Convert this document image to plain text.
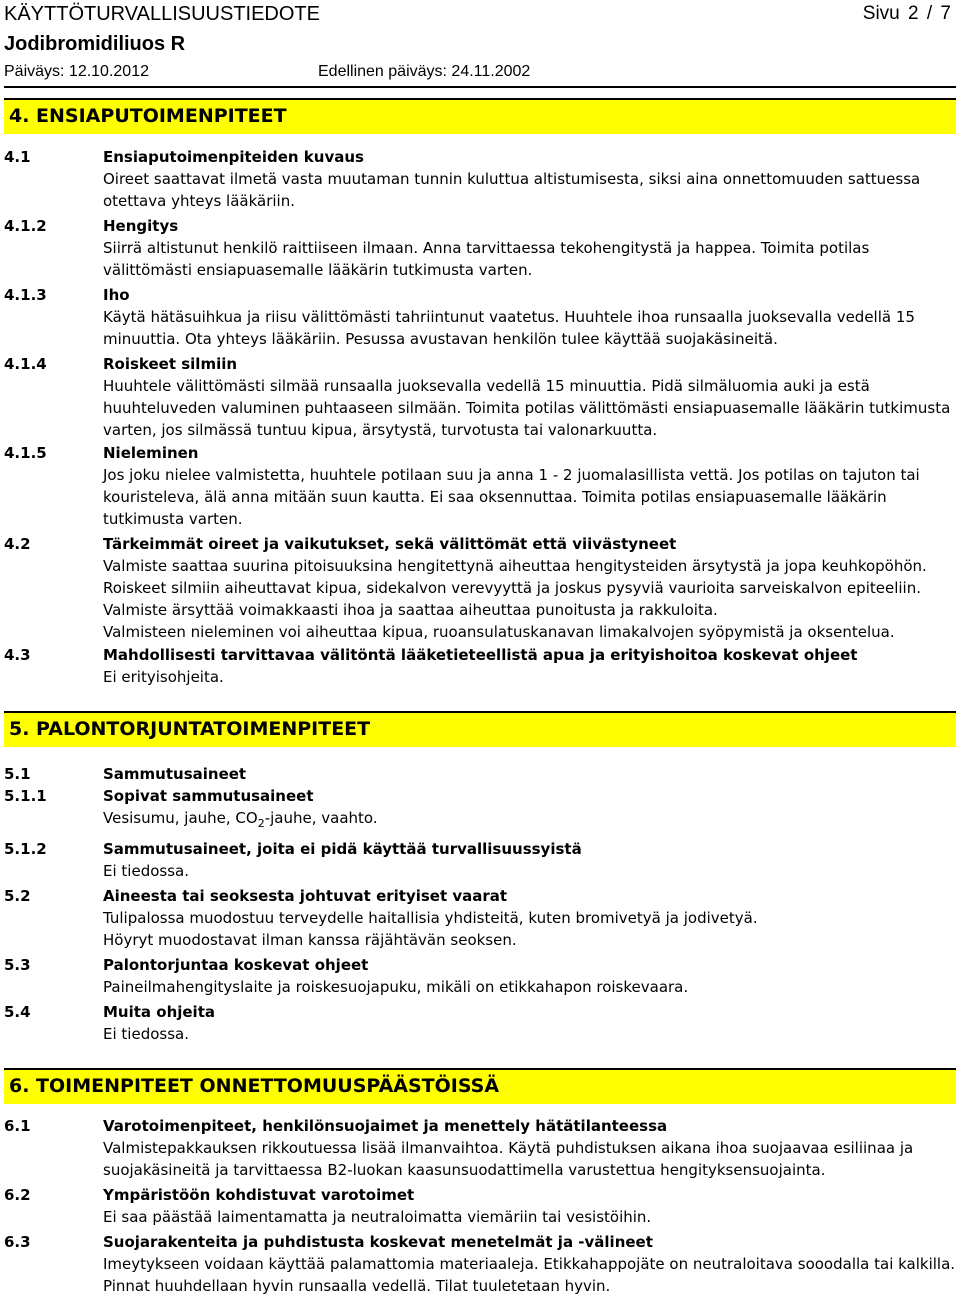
KÄYTTÖTURVALLISUUSTIEDOTE	Sivu 2 / 7
Jodibromidiliuos R
Päiväys: 12.10.2012	Edellinen päiväys: 24.11.2002
4. ENSIAPUTOIMENPITEET
4.1	Ensiaputoimenpiteiden kuvaus
Oireet saattavat ilmetä vasta muutaman tunnin kuluttua altistumisesta, siksi aina onnettomuuden sattuessa otettava yhteys lääkäriin.
4.1.2	Hengitys
Siirrä altistunut henkilö raittiiseen ilmaan. Anna tarvittaessa tekohengitystä ja happea. Toimita potilas välittömästi ensiapuasemalle lääkärin tutkimusta varten.
4.1.3	Iho
Käytä hätäsuihkua ja riisu välittömästi tahriintunut vaatetus. Huuhtele ihoa runsaalla juoksevalla vedellä 15 minuuttia. Ota yhteys lääkäriin. Pesussa avustavan henkilön tulee käyttää suojakäsineitä.
4.1.4	Roiskeet silmiin
Huuhtele välittömästi silmää runsaalla juoksevalla vedellä 15 minuuttia. Pidä silmäluomia auki ja estä huuhteluveden valuminen puhtaaseen silmään. Toimita potilas välittömästi ensiapuasemalle lääkärin tutkimusta varten, jos silmässä tuntuu kipua, ärsytystä, turvotusta tai valonarkuutta.
4.1.5	Nieleminen
Jos joku nielee valmistetta, huuhtele potilaan suu ja anna 1 - 2 juomalasillista vettä. Jos potilas on tajuton tai kouristeleva, älä anna mitään suun kautta. Ei saa oksennuttaa. Toimita potilas ensiapuasemalle lääkärin tutkimusta varten.
4.2	Tärkeimmät oireet ja vaikutukset, sekä välittömät että viivästyneet

Valmiste saattaa suurina pitoisuuksina hengitettynä aiheuttaa hengitysteiden ärsytystä ja jopa keuhkopöhön.

Roiskeet silmiin aiheuttavat kipua, sidekalvon verevyyttä ja joskus pysyviä vaurioita sarveiskalvon epiteeliin.

Valmiste ärsyttää voimakkaasti ihoa ja saattaa aiheuttaa punoitusta ja rakkuloita.

Valmisteen nieleminen voi aiheuttaa kipua, ruoansulatuskanavan limakalvojen syöpymistä ja oksentelua.

4.3	Mahdollisesti tarvittavaa välitöntä lääketieteellistä apua ja erityishoitoa koskevat ohjeet
Ei erityisohjeita.
5. PALONTORJUNTATOIMENPITEET
5.1	Sammutusaineet
5.1.1	Sopivat sammutusaineet
Vesisumu, jauhe, $CO_2$-jauhe, vaahto.
5.1.2	Sammutusaineet, joita ei pidä käyttää turvallisuussyistä
Ei tiedossa.
5.2	Aineesta tai seoksesta johtuvat erityiset vaarat

Tulipalossa muodostuu terveydelle haitallisia yhdisteitä, kuten bromivetyä ja jodivetyä.

Höyryt muodostavat ilman kanssa räjähtävän seoksen.

5.3	Palontorjuntaa koskevat ohjeet
Paineilmahengityslaite ja roiskesuojapuku, mikäli on etikkahapon roiskevaara.
5.4	Muita ohjeita
Ei tiedossa.
6. TOIMENPITEET ONNETTOMUUSPÄÄSTÖISSÄ
6.1	Varotoimenpiteet, henkilönsuojaimet ja menettely hätätilanteessa
Valmistepakkauksen rikkoutuessa lisää ilmanvaihtoa. Käytä puhdistuksen aikana ihoa suojaavaa esiliinaa ja suojakäsineitä ja tarvittaessa B2-luokan kaasunsuodattimella varustettua hengityksensuojainta.
6.2	Ympäristöön kohdistuvat varotoimet
Ei saa päästää laimentamatta ja neutraloimatta viemäriin tai vesistöihin.
6.3	Suojarakenteita ja puhdistusta koskevat menetelmät ja -välineet
Imeytykseen voidaan käyttää palamattomia materiaaleja. Etikkahappojäte on neutraloitava sooodalla tai kalkilla. Pinnat huuhdellaan hyvin runsaalla vedellä. Tilat tuuletetaan hyvin.
